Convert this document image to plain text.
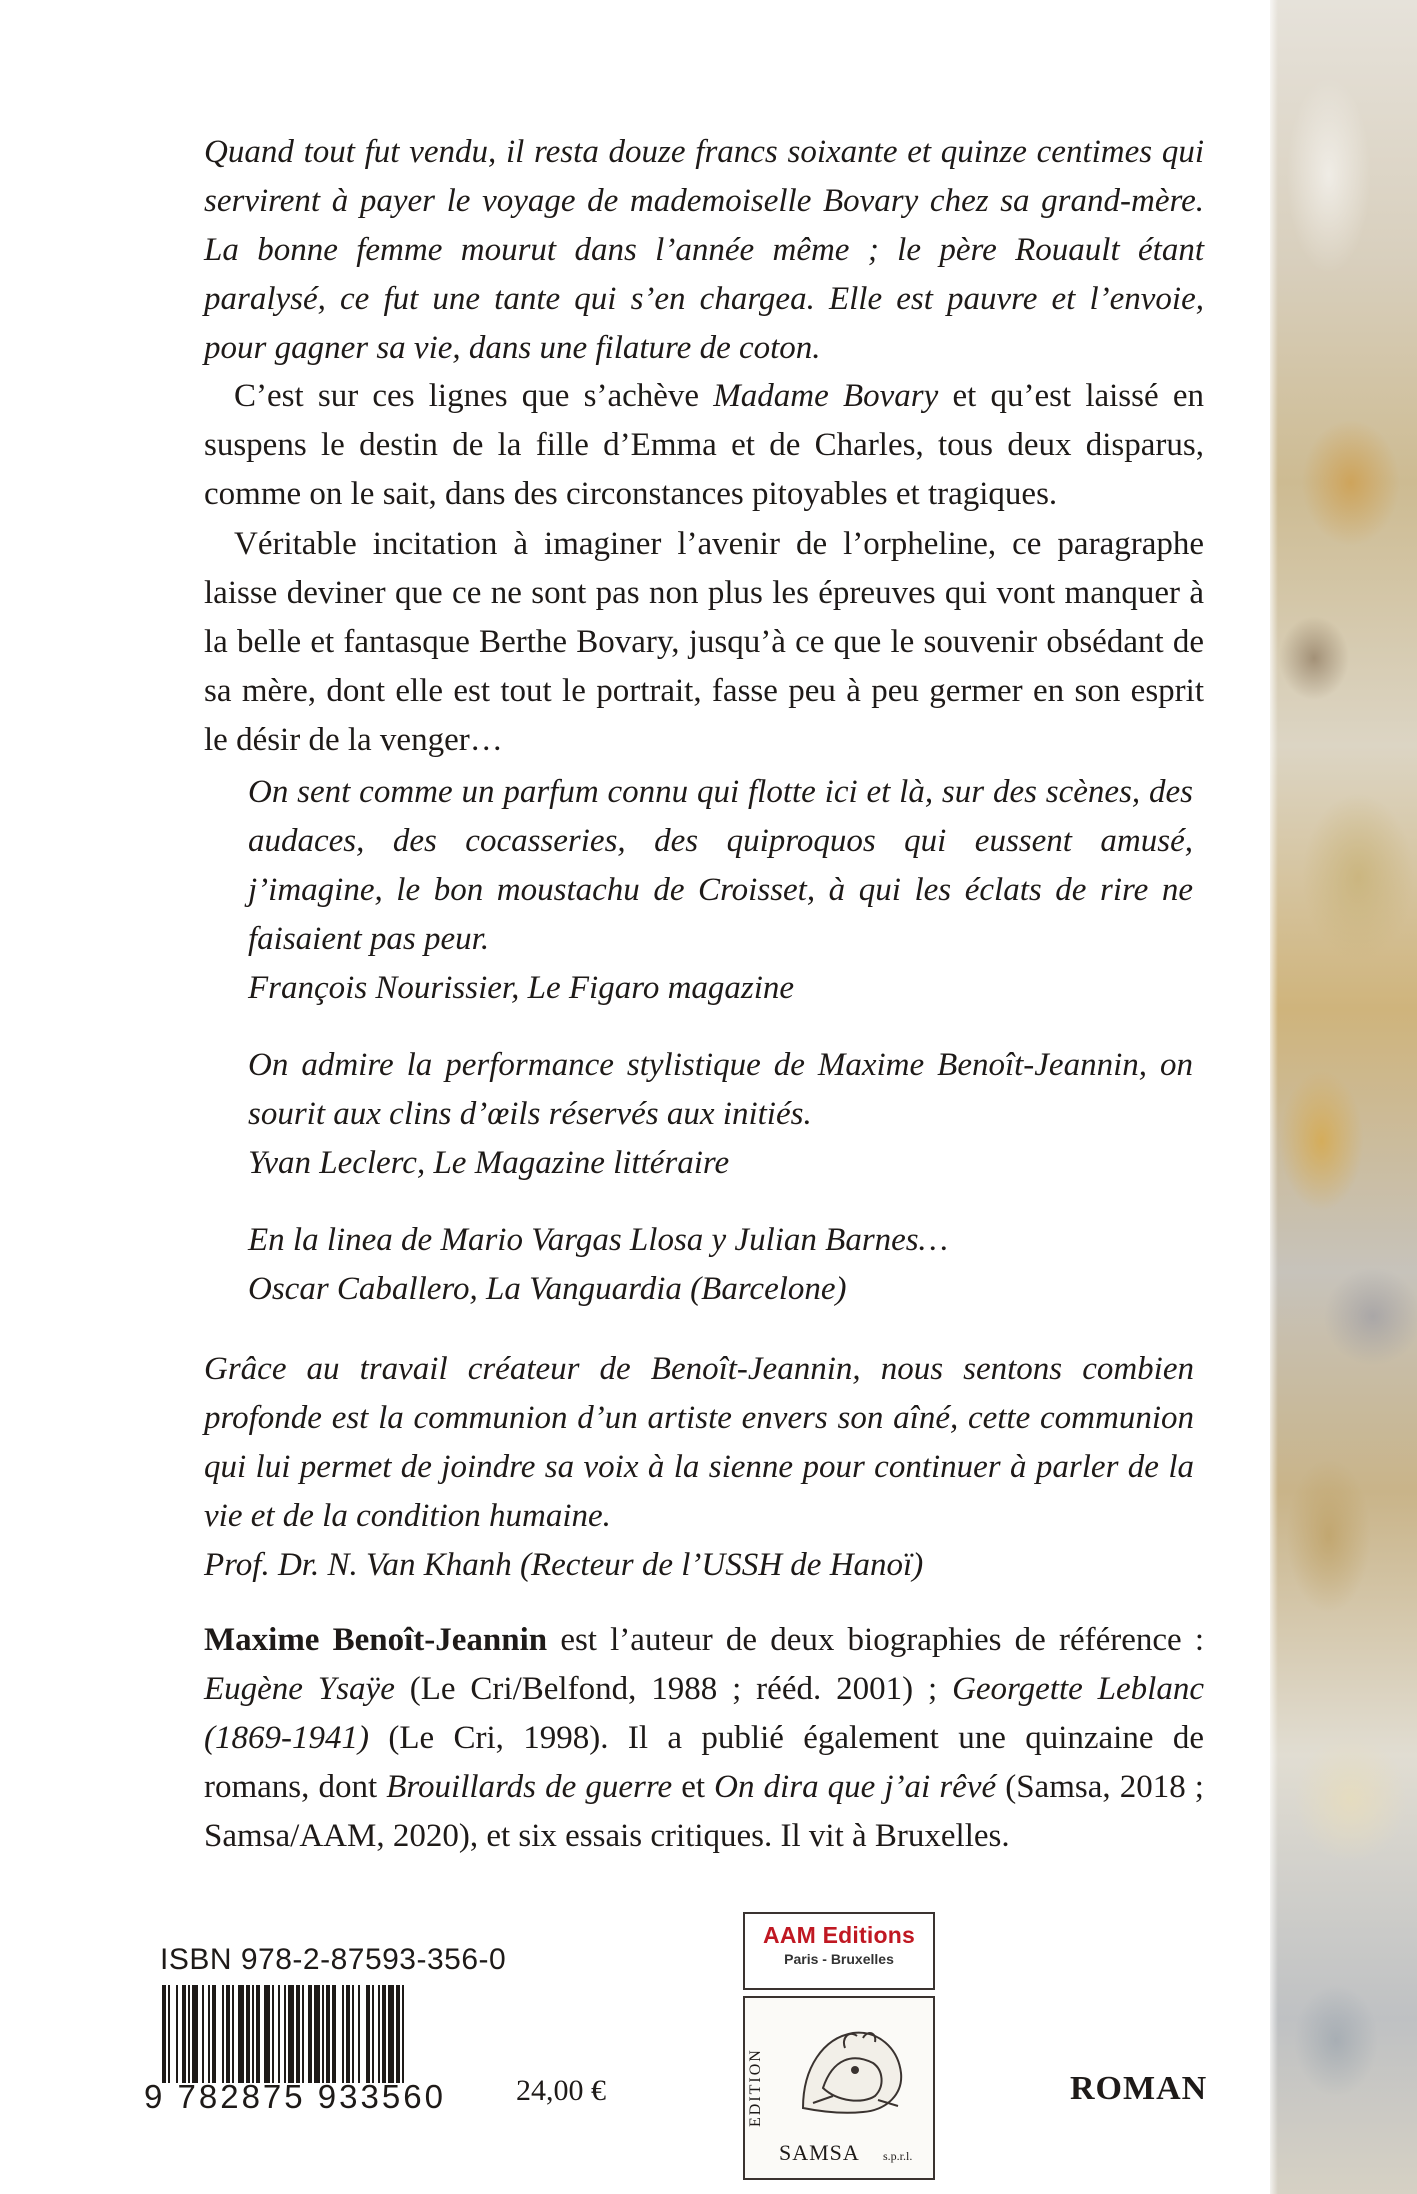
Quand tout fut vendu, il resta douze francs soixante et quinze centimes qui servirent à payer le voyage de mademoiselle Bovary chez sa grand-mère. La bonne femme mourut dans l’année même ; le père Rouault étant paralysé, ce fut une tante qui s’en chargea. Elle est pauvre et l’envoie, pour gagner sa vie, dans une filature de coton.

C’est sur ces lignes que s’achève Madame Bovary et qu’est laissé en suspens le destin de la fille d’Emma et de Charles, tous deux disparus, comme on le sait, dans des circonstances pitoyables et tragiques.

Véritable incitation à imaginer l’avenir de l’orpheline, ce paragraphe laisse deviner que ce ne sont pas non plus les épreuves qui vont manquer à la belle et fantasque Berthe Bovary, jusqu’à ce que le souvenir obsédant de sa mère, dont elle est tout le portrait, fasse peu à peu germer en son esprit le désir de la venger…

On sent comme un parfum connu qui flotte ici et là, sur des scènes, des audaces, des cocasseries, des quiproquos qui eussent amusé, j’imagine, le bon moustachu de Croisset, à qui les éclats de rire ne faisaient pas peur.

François Nourissier, Le Figaro magazine

On admire la performance stylistique de Maxime Benoît-Jeannin, on sourit aux clins d’œils réservés aux initiés.

Yvan Leclerc, Le Magazine littéraire

En la linea de Mario Vargas Llosa y Julian Barnes…

Oscar Caballero, La Vanguardia (Barcelone)

Grâce au travail créateur de Benoît-Jeannin, nous sentons combien profonde est la communion d’un artiste envers son aîné, cette communion qui lui permet de joindre sa voix à la sienne pour continuer à parler de la vie et de la condition humaine.

Prof. Dr. N. Van Khanh (Recteur de l’USSH de Hanoï)

Maxime Benoît-Jeannin est l’auteur de deux biographies de référence : Eugène Ysaÿe (Le Cri/Belfond, 1988 ; rééd. 2001) ; Georgette Leblanc (1869-1941) (Le Cri, 1998). Il a publié également une quinzaine de romans, dont Brouillards de guerre et On dira que j’ai rêvé (Samsa, 2018 ; Samsa/AAM, 2020), et six essais critiques. Il vit à Bruxelles.

ISBN 978-2-87593-356-0
9 782875 933560 24,00 €
AAM Editions
Paris - Bruxelles
EDITION
SAMSA s.p.r.l.
ROMAN
